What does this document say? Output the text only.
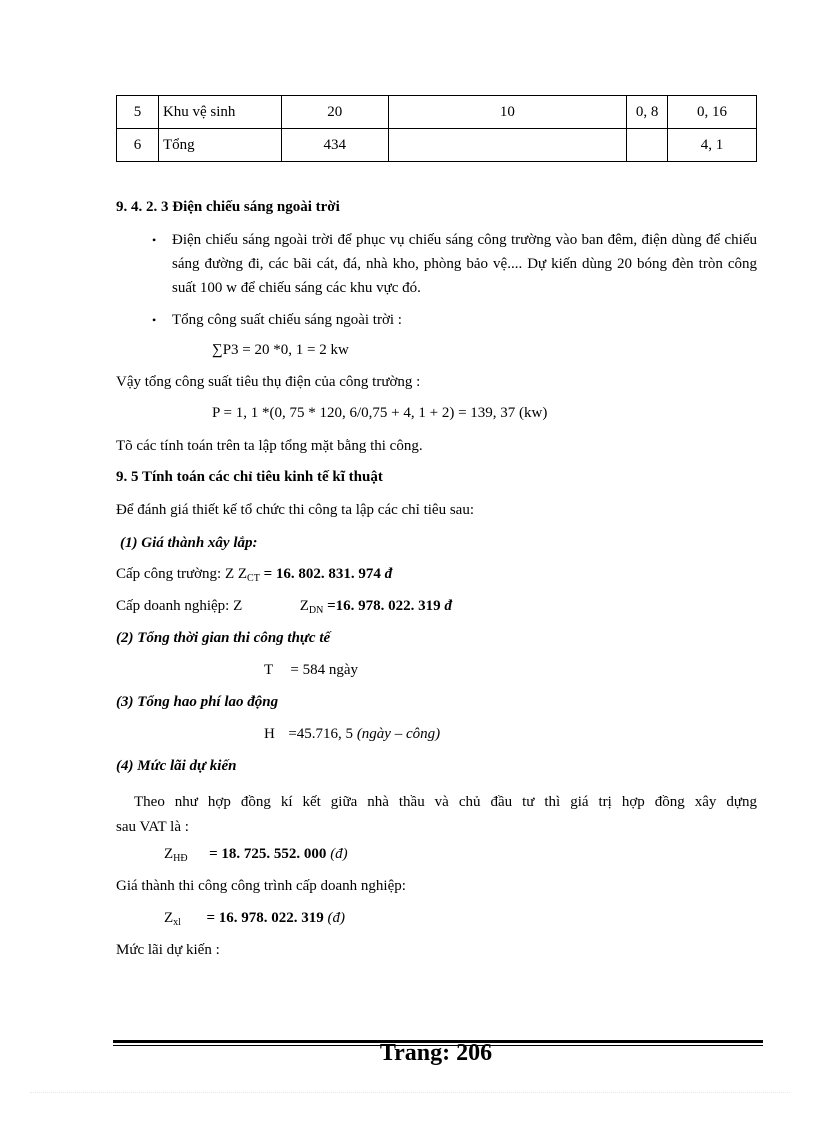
5	Khu vệ sinh	20	10	0, 8	0, 16
6	Tổng	434			4, 1
9. 4. 2. 3 Điện chiếu sáng ngoài trời
• Điện chiếu sáng ngoài trời để phục vụ chiếu sáng công trường vào ban đêm, điện dùng để chiếu sáng đường đi, các bãi cát, đá, nhà kho, phòng bảo vệ.... Dự kiến dùng 20 bóng đèn tròn công suất 100 w để chiếu sáng các khu vực đó.
• Tổng công suất chiếu sáng ngoài trời :
∑P3 = 20 *0, 1 = 2 kw
Vậy tổng công suất tiêu thụ điện của công trường :
P = 1, 1 *(0, 75 * 120, 6/0,75 + 4, 1 + 2) = 139, 37 (kw)
Tõ các tính toán trên ta lập tổng mặt bằng thi công.
9. 5 Tính toán các chỉ tiêu kinh tế kĩ thuật
Để đánh giá thiết kế tổ chức thi công ta lập các chỉ tiêu sau:
(1) Giá thành xây lắp:
Cấp công trường: Z $Z_{CT} = 16$. 802. 831. 974 đ
Cấp doanh nghiệp: Z	$Z_{DN} =16$. 978. 022. 319 đ
(2) Tổng thời gian thi công thực tế
T = 584 ngày
(3) Tổng hao phí lao động
H =45.716, 5 (ngày – công)
(4) Mức lãi dự kiến
Theo như hợp đồng kí kết giữa nhà thầu và chủ đầu tư thì giá trị hợp đồng xây dựng
sau VAT là :
$Z_{HĐ} = 18$. 725. 552. 000 (đ)
Giá thành thi công công trình cấp doanh nghiệp:
$Z_{xl} = 16$. 978. 022. 319 (đ)
Mức lãi dự kiến :
Trang: 206
